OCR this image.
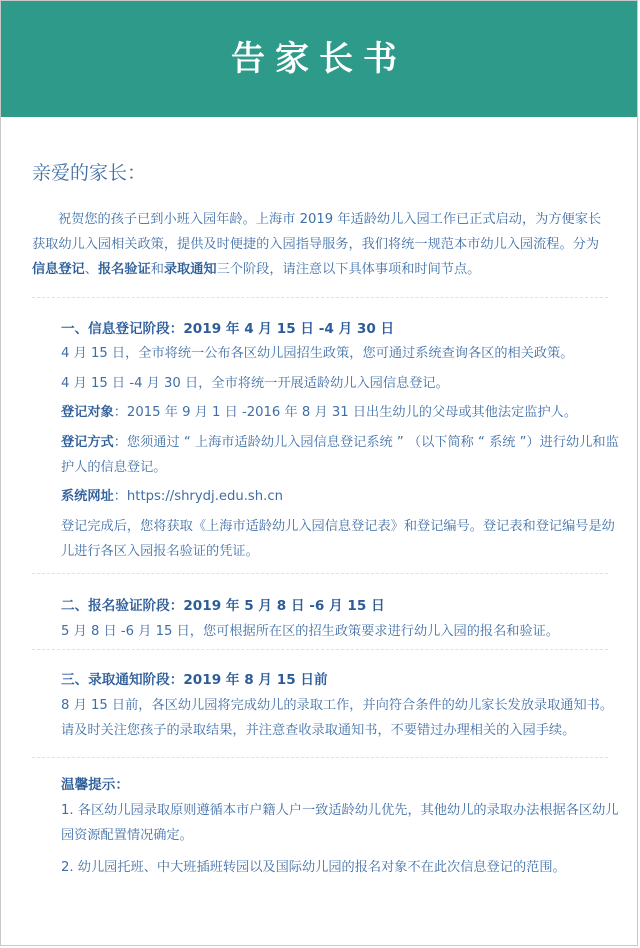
告家长书
亲爱的家长：
祝贺您的孩子已到小班入园年龄。上海市 2019 年适龄幼儿入园工作已正式启动，为方便家长获取幼儿入园相关政策，提供及时便捷的入园指导服务，我们将统一规范本市幼儿入园流程。分为信息登记、报名验证和录取通知三个阶段，请注意以下具体事项和时间节点。
一、信息登记阶段：2019 年 4 月 15 日 -4 月 30 日
4 月 15 日，全市将统一公布各区幼儿园招生政策，您可通过系统查询各区的相关政策。
4 月 15 日 -4 月 30 日，全市将统一开展适龄幼儿入园信息登记。
登记对象：2015 年 9 月 1 日 -2016 年 8 月 31 日出生幼儿的父母或其他法定监护人。
登记方式：您须通过 “ 上海市适龄幼儿入园信息登记系统 ” （以下简称 “ 系统 ”）进行幼儿和监护人的信息登记。
系统网址：https://shrydj.edu.sh.cn
登记完成后，您将获取《上海市适龄幼儿入园信息登记表》和登记编号。登记表和登记编号是幼儿进行各区入园报名验证的凭证。
二、报名验证阶段：2019 年 5 月 8 日 -6 月 15 日
5 月 8 日 -6 月 15 日，您可根据所在区的招生政策要求进行幼儿入园的报名和验证。
三、录取通知阶段：2019 年 8 月 15 日前
8 月 15 日前，各区幼儿园将完成幼儿的录取工作，并向符合条件的幼儿家长发放录取通知书。请及时关注您孩子的录取结果，并注意查收录取通知书，不要错过办理相关的入园手续。
温馨提示：
1. 各区幼儿园录取原则遵循本市户籍人户一致适龄幼儿优先，其他幼儿的录取办法根据各区幼儿园资源配置情况确定。
2. 幼儿园托班、中大班插班转园以及国际幼儿园的报名对象不在此次信息登记的范围。
